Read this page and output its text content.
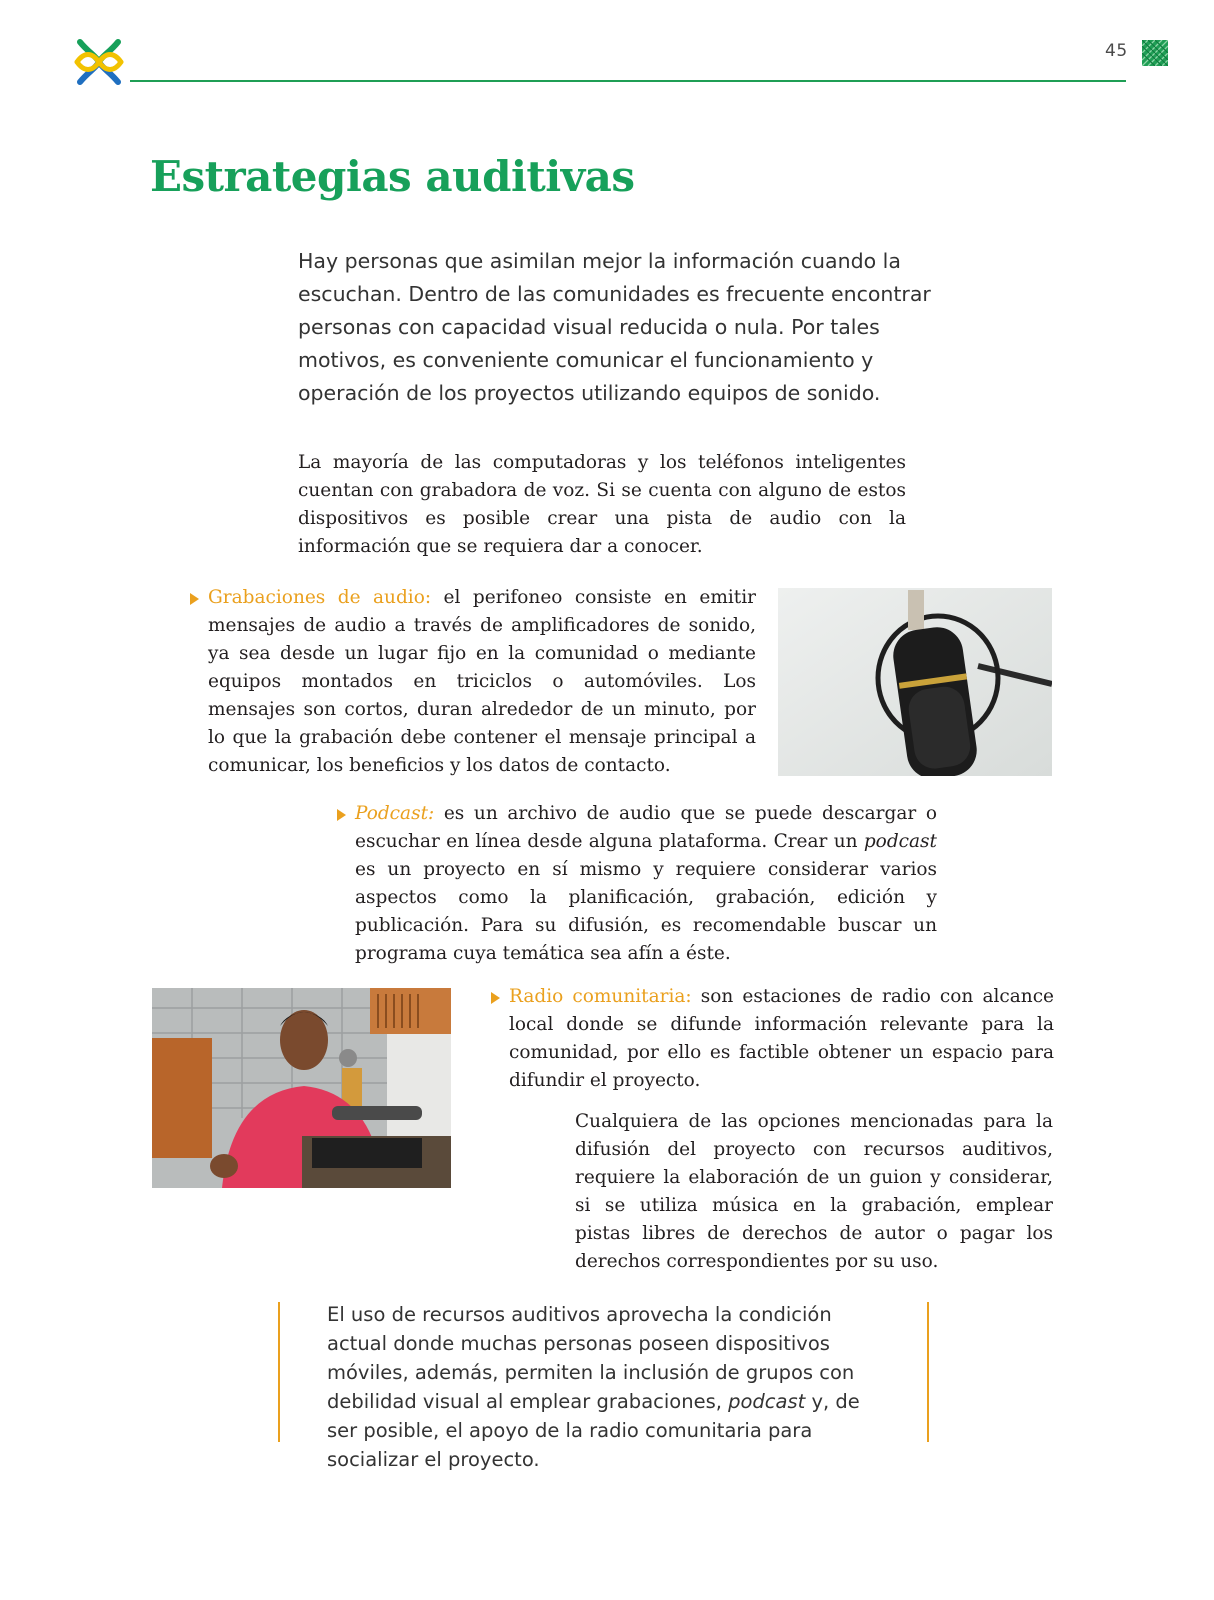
45
Estrategias auditivas

Hay personas que asimilan mejor la información cuando la escuchan. Dentro de las comunidades es frecuente encontrar personas con capacidad visual reducida o nula. Por tales motivos, es conveniente comunicar el funcionamiento y operación de los proyectos utilizando equipos de sonido.

La mayoría de las computadoras y los teléfonos inteligentes cuentan con grabadora de voz. Si se cuenta con alguno de estos dispositivos es posible crear una pista de audio con la información que se requiera dar a conocer.

Grabaciones de audio: el perifoneo consiste en emitir mensajes de audio a través de amplificadores de sonido, ya sea desde un lugar fijo en la comunidad o mediante equipos montados en triciclos o automóviles. Los mensajes son cortos, duran alrededor de un minuto, por lo que la grabación debe contener el mensaje principal a comunicar, los beneficios y los datos de contacto.

Podcast: es un archivo de audio que se puede descargar o escuchar en línea desde alguna plataforma. Crear un podcast es un proyecto en sí mismo y requiere considerar varios aspectos como la planificación, grabación, edición y publicación. Para su difusión, es recomendable buscar un programa cuya temática sea afín a éste.

Radio comunitaria: son estaciones de radio con alcance local donde se difunde información relevante para la comunidad, por ello es factible obtener un espacio para difundir el proyecto.

Cualquiera de las opciones mencionadas para la difusión del proyecto con recursos auditivos, requiere la elaboración de un guion y considerar, si se utiliza música en la grabación, emplear pistas libres de derechos de autor o pagar los derechos correspondientes por su uso.

El uso de recursos auditivos aprovecha la condición actual donde muchas personas poseen dispositivos móviles, además, permiten la inclusión de grupos con debilidad visual al emplear grabaciones, podcast y, de ser posible, el apoyo de la radio comunitaria para socializar el proyecto.
